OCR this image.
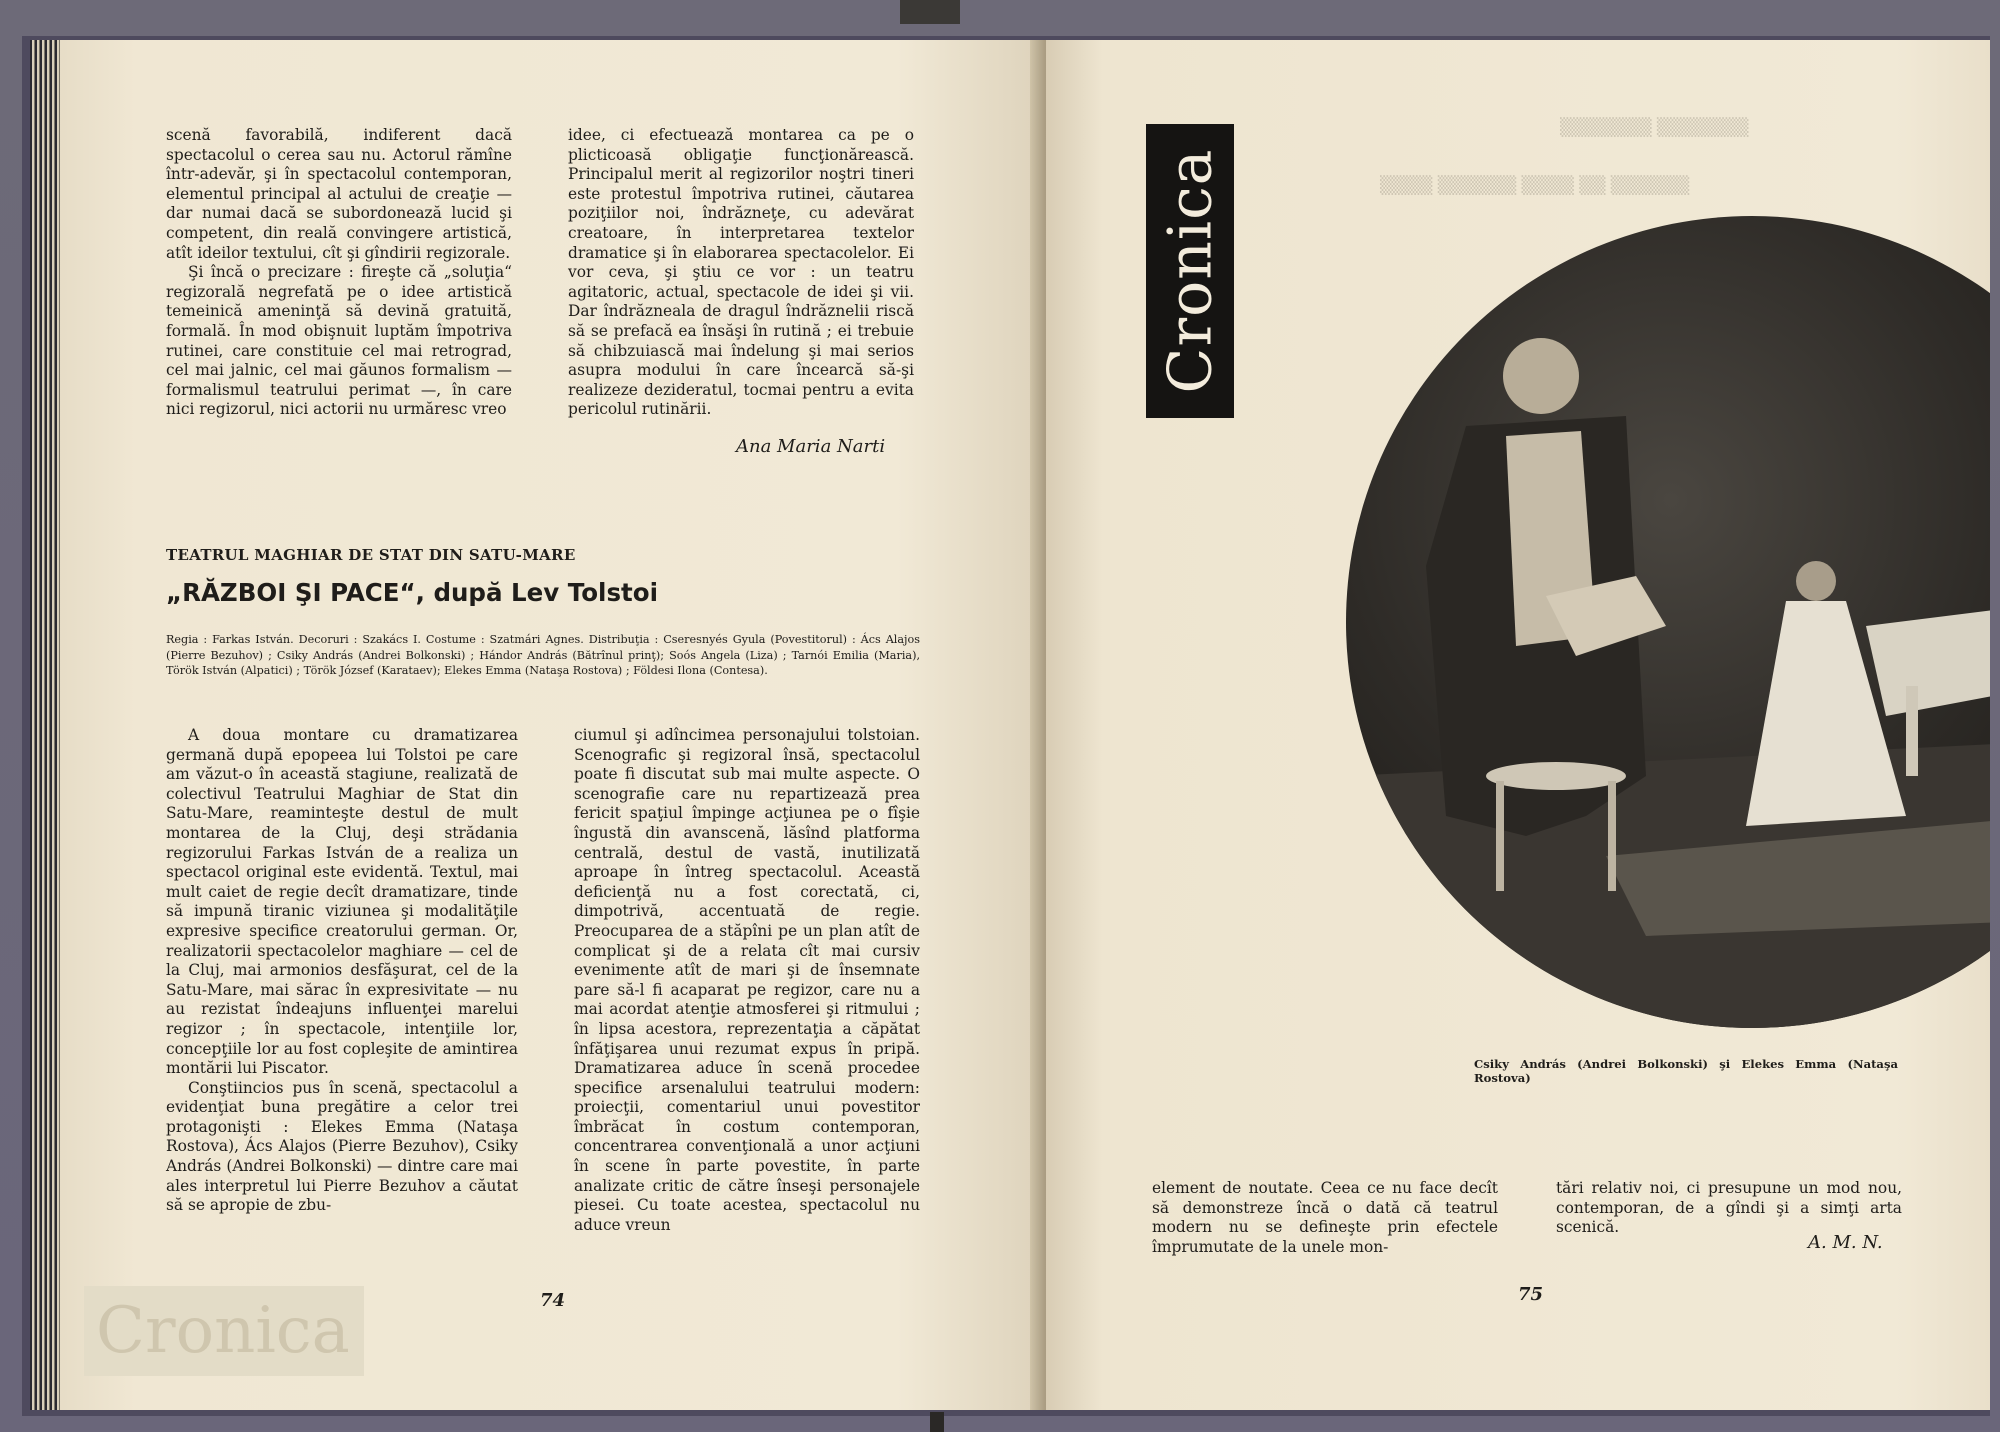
scenă favorabilă, indiferent dacă spectacolul o cerea sau nu. Actorul rămîne într-adevăr, şi în spectacolul contemporan, elementul principal al actului de creaţie — dar numai dacă se subordonează lucid şi competent, din reală convingere artistică, atît ideilor textului, cît şi gîndirii regizorale.

Şi încă o precizare : fireşte că „soluţia“ regizorală negrefată pe o idee artistică temeinică ameninţă să devină gratuită, formală. În mod obişnuit luptăm împotriva rutinei, care constituie cel mai retrograd, cel mai jalnic, cel mai găunos formalism — formalismul teatrului perimat —, în care nici regizorul, nici actorii nu urmăresc vreo

idee, ci efectuează montarea ca pe o plicticoasă obligaţie funcţionărească. Principalul merit al regizorilor noştri tineri este protestul împotriva rutinei, căutarea poziţiilor noi, îndrăzneţe, cu adevărat creatoare, în interpretarea textelor dramatice şi în elaborarea spectacolelor. Ei vor ceva, şi ştiu ce vor : un teatru agitatoric, actual, spectacole de idei şi vii. Dar îndrăzneala de dragul îndrăznelii riscă să se prefacă ea însăşi în rutină ; ei trebuie să chibzuiască mai îndelung şi mai serios asupra modului în care încearcă să-şi realizeze dezideratul, tocmai pentru a evita pericolul rutinării.

Ana Maria Narti
TEATRUL MAGHIAR DE STAT DIN SATU-MARE
„RĂZBOI ŞI PACE“, după Lev Tolstoi
Regia : Farkas István. Decoruri : Szakács I. Costume : Szatmári Agnes. Distribuţia : Cseresnyés Gyula (Povestitorul) : Ács Alajos (Pierre Bezuhov) ; Csiky András (Andrei Bolkonski) ; Hándor András (Bătrînul prinţ); Soós Angela (Liza) ; Tarnói Emilia (Maria), Török István (Alpatici) ; Török József (Karataev); Elekes Emma (Nataşa Rostova) ; Földesi Ilona (Contesa).

A doua montare cu dramatizarea germană după epopeea lui Tolstoi pe care am văzut-o în această stagiune, realizată de colectivul Teatrului Maghiar de Stat din Satu-Mare, reaminteşte destul de mult montarea de la Cluj, deşi strădania regizorului Farkas István de a realiza un spectacol original este evidentă. Textul, mai mult caiet de regie decît dramatizare, tinde să impună tiranic viziunea şi modalităţile expresive specifice creatorului german. Or, realizatorii spectacolelor maghiare — cel de la Cluj, mai armonios desfăşurat, cel de la Satu-Mare, mai sărac în expresivitate — nu au rezistat îndeajuns influenţei marelui regizor ; în spectacole, intenţiile lor, concepţiile lor au fost copleşite de amintirea montării lui Piscator.

Conştiincios pus în scenă, spectacolul a evidenţiat buna pregătire a celor trei protagonişti : Elekes Emma (Nataşa Rostova), Ács Alajos (Pierre Bezuhov), Csiky András (Andrei Bolkonski) — dintre care mai ales interpretul lui Pierre Bezuhov a căutat să se apropie de zbu-

ciumul şi adîncimea personajului tolstoian. Scenografic şi regizoral însă, spectacolul poate fi discutat sub mai multe aspecte. O scenografie care nu repartizează prea fericit spaţiul împinge acţiunea pe o fîşie îngustă din avanscenă, lăsînd platforma centrală, destul de vastă, inutilizată aproape în întreg spectacolul. Această deficienţă nu a fost corectată, ci, dimpotrivă, accentuată de regie. Preocuparea de a stăpîni pe un plan atît de complicat şi de a relata cît mai cursiv evenimente atît de mari şi de însemnate pare să-l fi acaparat pe regizor, care nu a mai acordat atenţie atmosferei şi ritmului ; în lipsa acestora, reprezentaţia a căpătat înfăţişarea unui rezumat expus în pripă. Dramatizarea aduce în scenă procedee specifice arsenalului teatrului modern: proiecţii, comentariul unui povestitor îmbrăcat în costum contemporan, concentrarea convenţională a unor acţiuni în scene în parte povestite, în parte analizate critic de către înseşi personajele piesei. Cu toate acestea, spectacolul nu aduce vreun

74
Cronica
▒▒▒▒▒▒▒ ▒▒▒▒▒▒▒
▒▒▒▒ ▒▒▒▒▒▒ ▒▒▒▒ ▒▒ ▒▒▒▒▒▒
Cronica
Csiky András (Andrei Bolkonski) şi Elekes Emma (Nataşa Rostova)

element de noutate. Ceea ce nu face decît să demonstreze încă o dată că teatrul modern nu se defineşte prin efectele împrumutate de la unele mon-

tări relativ noi, ci presupune un mod nou, contemporan, de a gîndi şi a simţi arta scenică.

A. M. N.
75
